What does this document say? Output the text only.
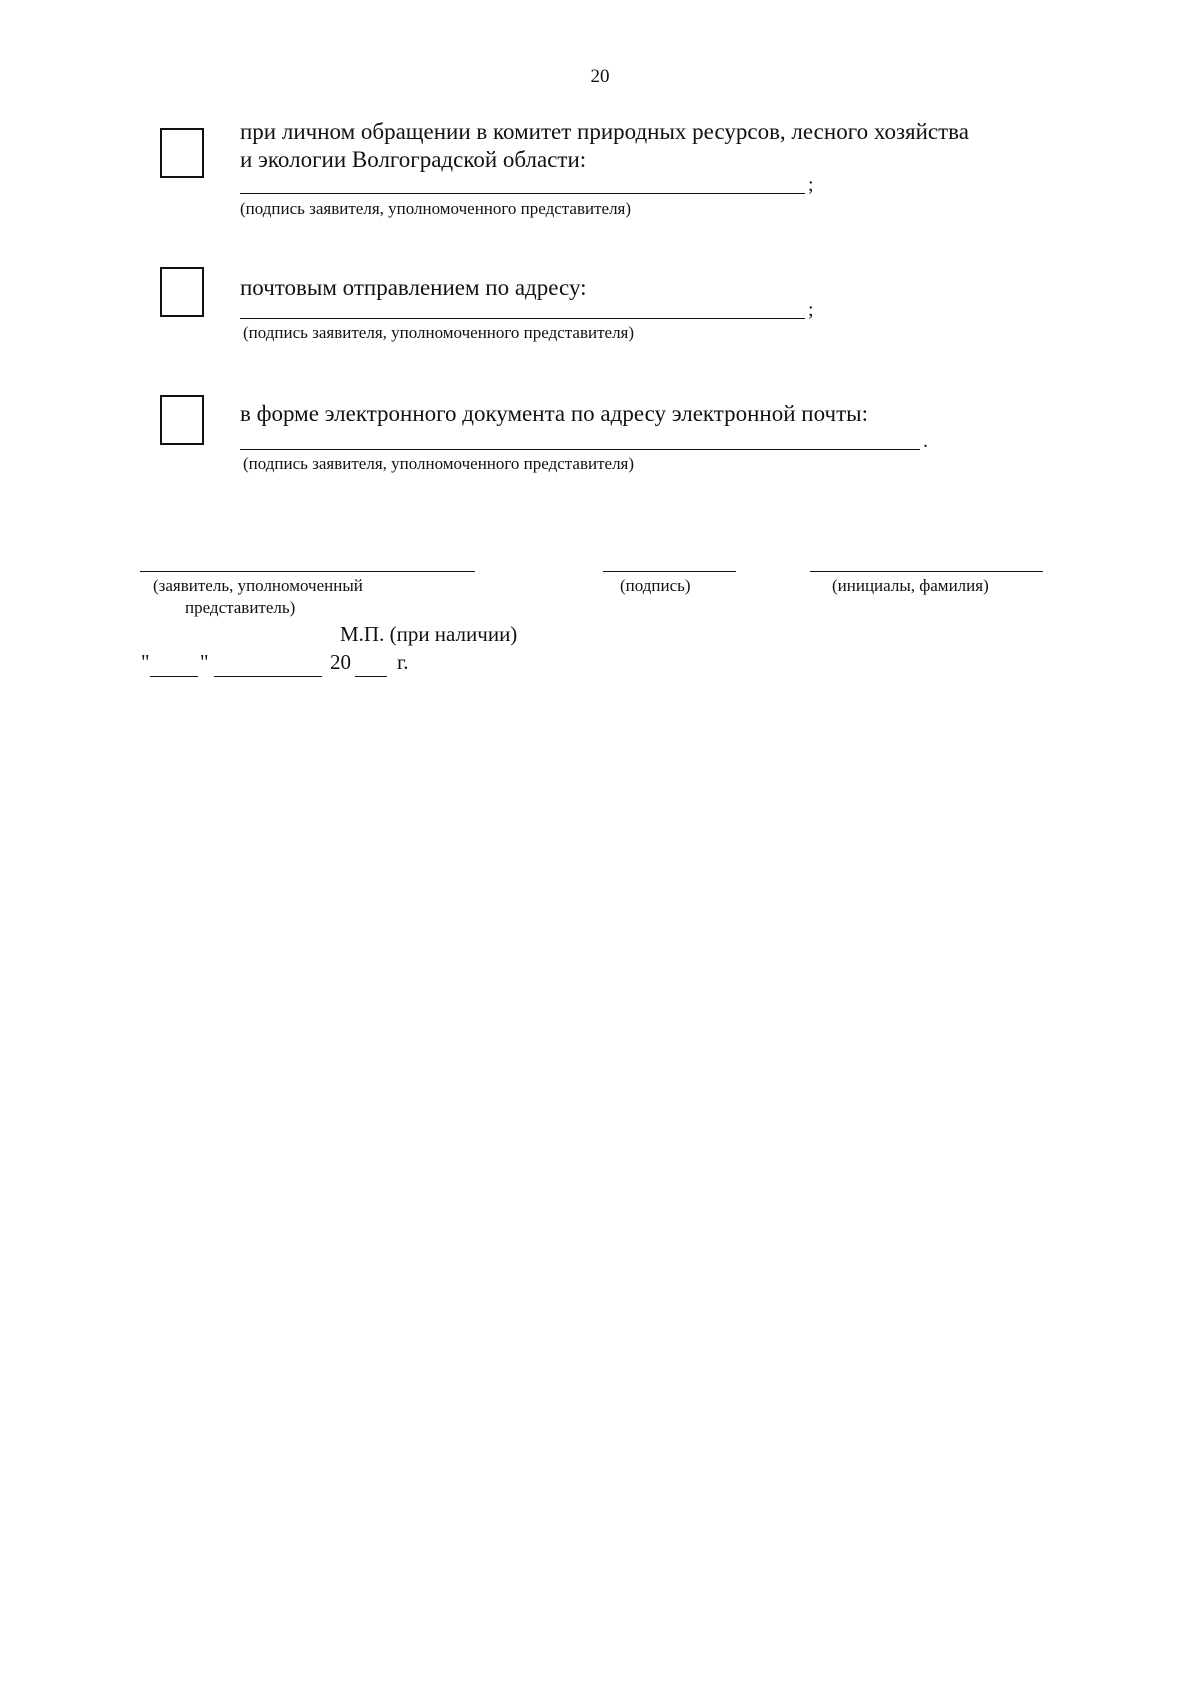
20
при личном обращении в комитет природных ресурсов, лесного хозяйства
и экологии Волгоградской области:
;
(подпись заявителя, уполномоченного представителя)
почтовым отправлением по адресу:
;
(подпись заявителя, уполномоченного представителя)
в форме электронного документа по адресу электронной почты:
.
(подпись заявителя, уполномоченного представителя)
(заявитель, уполномоченный
представитель)
(подпись)	(инициалы, фамилия)
М.П. (при наличии)
" "	20 г.
